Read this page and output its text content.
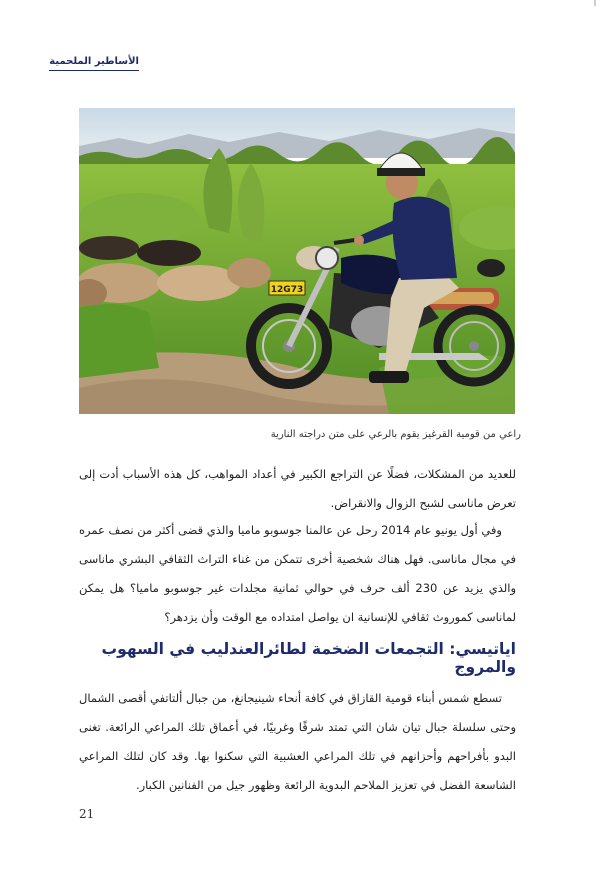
الأساطير الملحمية
12G73
راعي من قومية القرغيز يقوم بالرعي على متن دراجته النارية

للعديد من المشكلات، فضلًا عن التراجع الكبير في أعداد المواهب، كل هذه الأسباب أدت إلى تعرض ماناسى لشبح الزوال والانقراض.

وفي أول يونيو عام 2014 رحل عن عالمنا جوسوبو ماميا والذي قضى أكثر من نصف عمره في مجال ماناسى. فهل هناك شخصية أخرى تتمكن من غناء التراث الثقافي البشري ماناسى والذي يزيد عن 230 ألف حرف في حوالي ثمانية مجلدات غير جوسوبو ماميا؟ هل يمكن لماناسى كموروث ثقافي للإنسانية ان يواصل امتداده مع الوقت وأن يزدهر؟

اياتيسي: التجمعات الضخمة لطائرالعندليب في السهوب والمروج

تسطع شمس أبناء قومية القازاق في كافة أنحاء شينيجانغ، من جبال ألتاتفي أقصى الشمال وحتى سلسلة جبال تيان شان التي تمتد شرقًا وغربيًا، في أعماق تلك المراعي الرائعة. تغنى البدو بأفراحهم وأحزانهم في تلك المراعي العشبية التي سكنوا بها. وقد كان لتلك المراعي الشاسعة الفضل في تعزيز الملاحم البدوية الرائعة وظهور جيل من الفنانين الكبار.

21
